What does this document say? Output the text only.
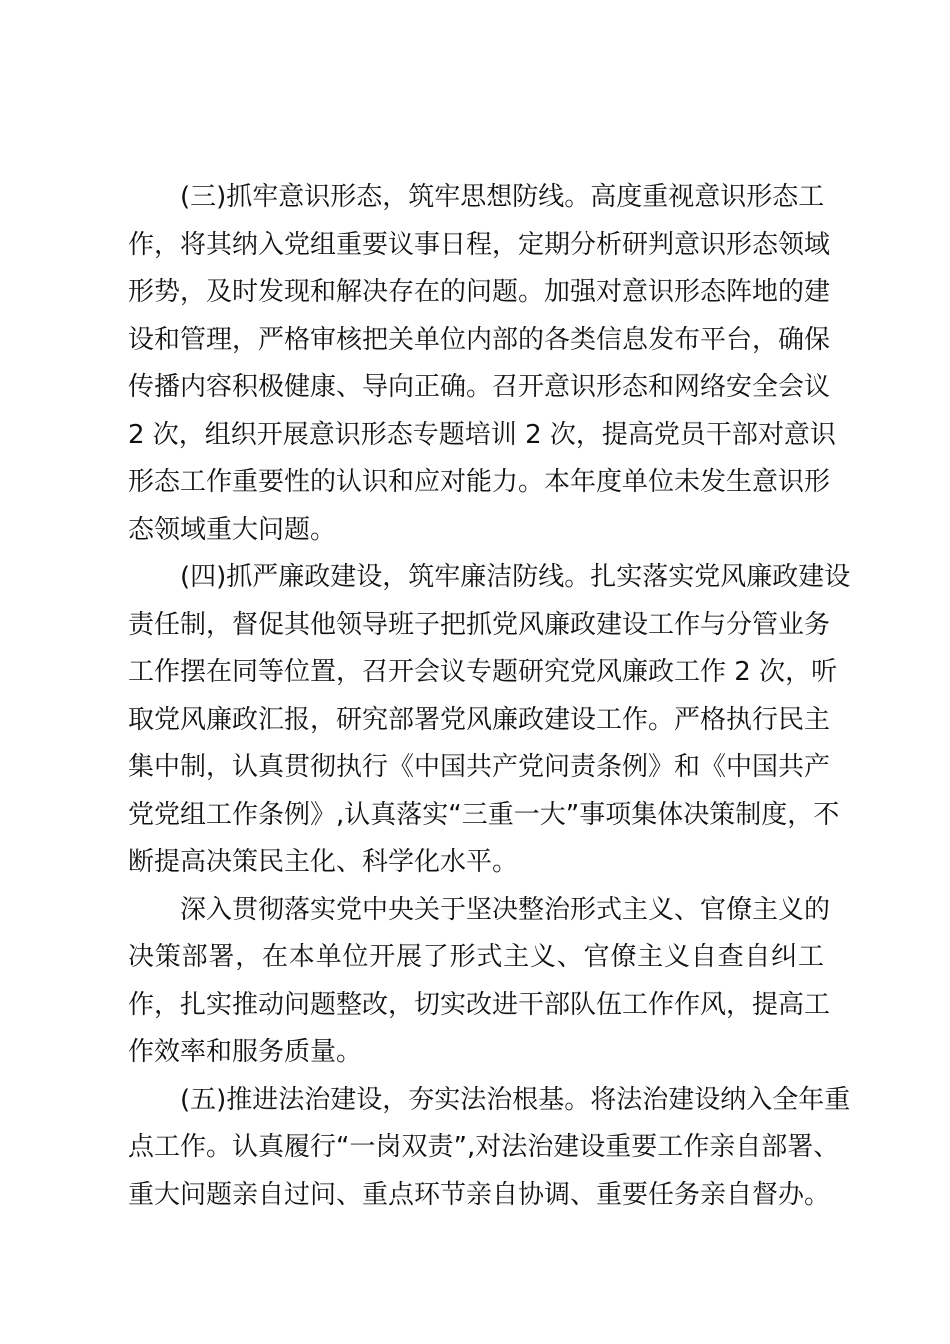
(三)抓牢意识形态，筑牢思想防线。高度重视意识形态工
作，将其纳入党组重要议事日程，定期分析研判意识形态领域
形势，及时发现和解决存在的问题。加强对意识形态阵地的建
设和管理，严格审核把关单位内部的各类信息发布平台，确保
传播内容积极健康、导向正确。召开意识形态和网络安全会议
2 次，组织开展意识形态专题培训 2 次，提高党员干部对意识
形态工作重要性的认识和应对能力。本年度单位未发生意识形
态领域重大问题。
(四)抓严廉政建设，筑牢廉洁防线。扎实落实党风廉政建设
责任制，督促其他领导班子把抓党风廉政建设工作与分管业务
工作摆在同等位置，召开会议专题研究党风廉政工作 2 次，听
取党风廉政汇报，研究部署党风廉政建设工作。严格执行民主
集中制，认真贯彻执行《中国共产党问责条例》和《中国共产
党党组工作条例》,认真落实“三重一大”事项集体决策制度，不
断提高决策民主化、科学化水平。
深入贯彻落实党中央关于坚决整治形式主义、官僚主义的
决策部署，在本单位开展了形式主义、官僚主义自查自纠工
作，扎实推动问题整改，切实改进干部队伍工作作风，提高工
作效率和服务质量。
(五)推进法治建设，夯实法治根基。将法治建设纳入全年重
点工作。认真履行“一岗双责”,对法治建设重要工作亲自部署、
重大问题亲自过问、重点环节亲自协调、重要任务亲自督办。
